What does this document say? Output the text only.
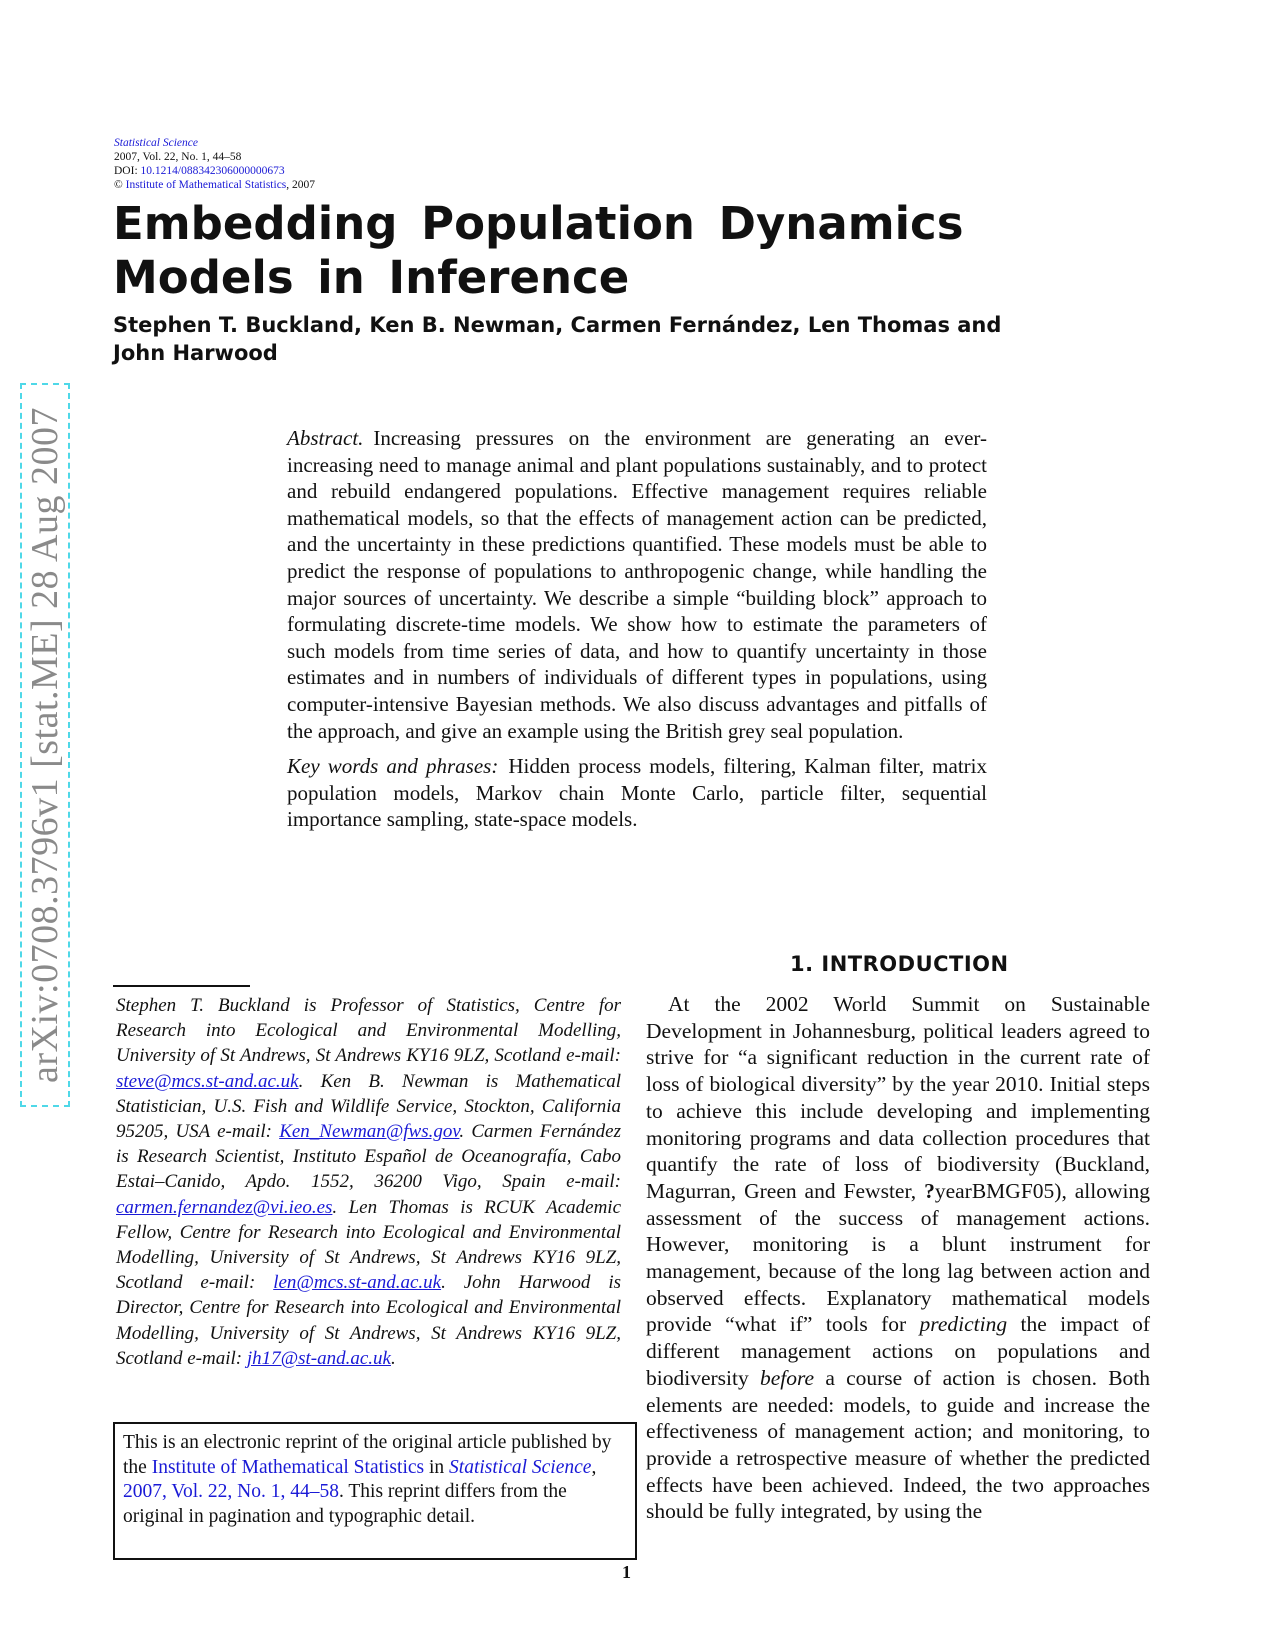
arXiv:0708.3796v1 [stat.ME] 28 Aug 2007
Statistical Science
2007, Vol. 22, No. 1, 44–58
DOI: 10.1214/088342306000000673
© Institute of Mathematical Statistics, 2007
Embedding Population Dynamics Models in Inference
Stephen T. Buckland, Ken B. Newman, Carmen Fernández, Len Thomas and John Harwood

Abstract. Increasing pressures on the environment are generating an ever-increasing need to manage animal and plant populations sustainably, and to protect and rebuild endangered populations. Effective management requires reliable mathematical models, so that the effects of management action can be predicted, and the uncertainty in these predictions quantified. These models must be able to predict the response of populations to anthropogenic change, while handling the major sources of uncertainty. We describe a simple “building block” approach to formulating discrete-time models. We show how to estimate the parameters of such models from time series of data, and how to quantify uncertainty in those estimates and in numbers of individuals of different types in populations, using computer-intensive Bayesian methods. We also discuss advantages and pitfalls of the approach, and give an example using the British grey seal population.

Key words and phrases: Hidden process models, filtering, Kalman filter, matrix population models, Markov chain Monte Carlo, particle filter, sequential importance sampling, state-space models.

Stephen T. Buckland is Professor of Statistics, Centre for Research into Ecological and Environmental Modelling, University of St Andrews, St Andrews KY16 9LZ, Scotland e-mail: steve@mcs.st-and.ac.uk. Ken B. Newman is Mathematical Statistician, U.S. Fish and Wildlife Service, Stockton, California 95205, USA e-mail: Ken_Newman@fws.gov. Carmen Fernández is Research Scientist, Instituto Español de Oceanografía, Cabo Estai–Canido, Apdo. 1552, 36200 Vigo, Spain e-mail: carmen.fernandez@vi.ieo.es. Len Thomas is RCUK Academic Fellow, Centre for Research into Ecological and Environmental Modelling, University of St Andrews, St Andrews KY16 9LZ, Scotland e-mail: len@mcs.st-and.ac.uk. John Harwood is Director, Centre for Research into Ecological and Environmental Modelling, University of St Andrews, St Andrews KY16 9LZ, Scotland e-mail: jh17@st-and.ac.uk.

This is an electronic reprint of the original article published by the Institute of Mathematical Statistics in Statistical Science, 2007, Vol. 22, No. 1, 44–58. This reprint differs from the original in pagination and typographic detail.

1. INTRODUCTION

At the 2002 World Summit on Sustainable Development in Johannesburg, political leaders agreed to strive for “a significant reduction in the current rate of loss of biological diversity” by the year 2010. Initial steps to achieve this include developing and implementing monitoring programs and data collection procedures that quantify the rate of loss of biodiversity (Buckland, Magurran, Green and Fewster, ?yearBMGF05), allowing assessment of the success of management actions. However, monitoring is a blunt instrument for management, because of the long lag between action and observed effects. Explanatory mathematical models provide “what if” tools for predicting the impact of different management actions on populations and biodiversity before a course of action is chosen. Both elements are needed: models, to guide and increase the effectiveness of management action; and monitoring, to provide a retrospective measure of whether the predicted effects have been achieved. Indeed, the two approaches should be fully integrated, by using the

1
